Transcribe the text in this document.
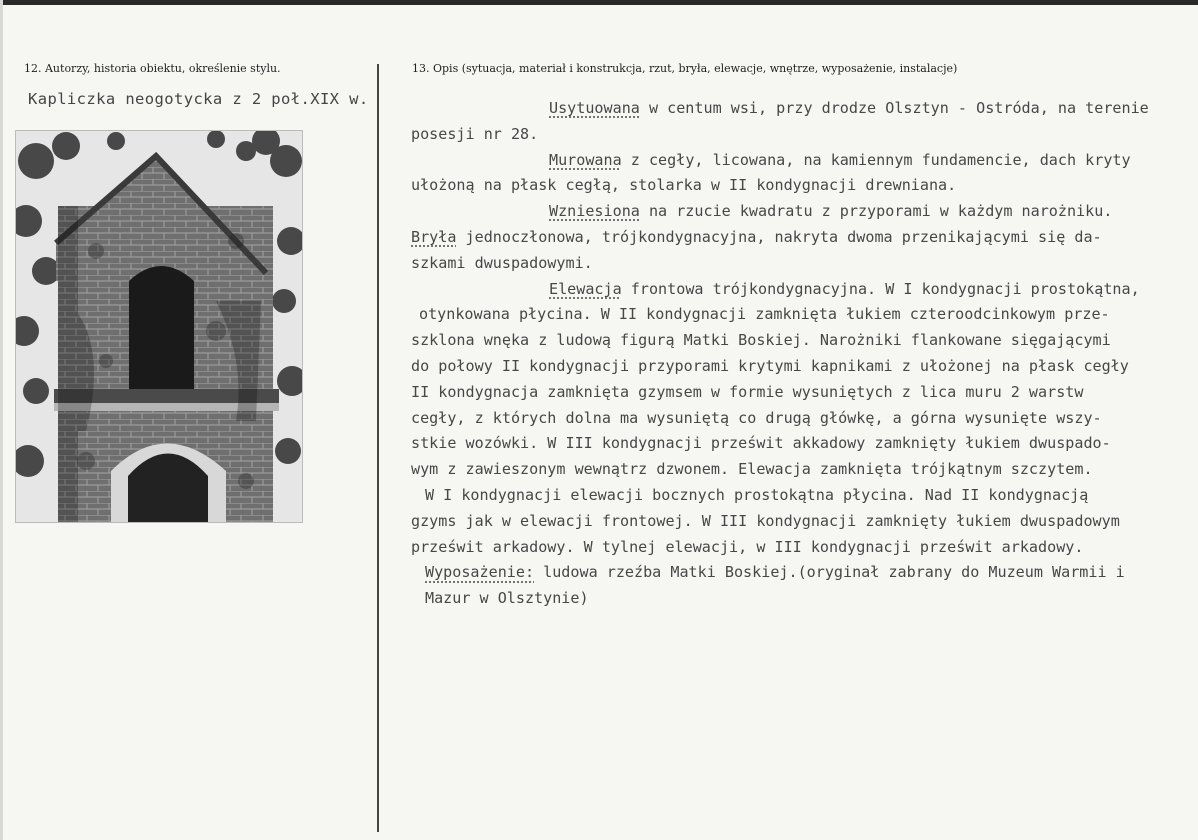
12. Autorzy, historia obiektu, określenie stylu.	13. Opis (sytuacja, materiał i konstrukcja, rzut, bryła, elewacje, wnętrze, wyposażenie, instalacje)
Kapliczka neogotycka z 2 poł.XIX w.	Usytuowana w centum wsi, przy drodze Olsztyn - Ostróda, na terenie
posesji nr 28.
Murowana z cegły, licowana, na kamiennym fundamencie, dach kryty
ułożoną na płask cegłą, stolarka w II kondygnacji drewniana.
Wzniesiona na rzucie kwadratu z przyporami w każdym narożniku.
Bryła jednoczłonowa, trójkondygnacyjna, nakryta dwoma przenikającymi się da-
szkami dwuspadowymi.
Elewacja frontowa trójkondygnacyjna. W I kondygnacji prostokątna,
otynkowana płycina. W II kondygnacji zamknięta łukiem czteroodcinkowym prze-
szklona wnęka z ludową figurą Matki Boskiej. Narożniki flankowane sięgającymi
do połowy II kondygnacji przyporami krytymi kapnikami z ułożonej na płask cegły
II kondygnacja zamknięta gzymsem w formie wysuniętych z lica muru 2 warstw
cegły, z których dolna ma wysuniętą co drugą główkę, a górna wysunięte wszy-
stkie wozówki. W III kondygnacji prześwit akkadowy zamknięty łukiem dwuspado-
wym z zawieszonym wewnątrz dzwonem. Elewacja zamknięta trójkątnym szczytem.
W I kondygnacji elewacji bocznych prostokątna płycina. Nad II kondygnacją
gzyms jak w elewacji frontowej. W III kondygnacji zamknięty łukiem dwuspadowym
prześwit arkadowy. W tylnej elewacji, w III kondygnacji prześwit arkadowy.
Wyposażenie: ludowa rzeźba Matki Boskiej.(oryginał zabrany do Muzeum Warmii i
Mazur w Olsztynie)
